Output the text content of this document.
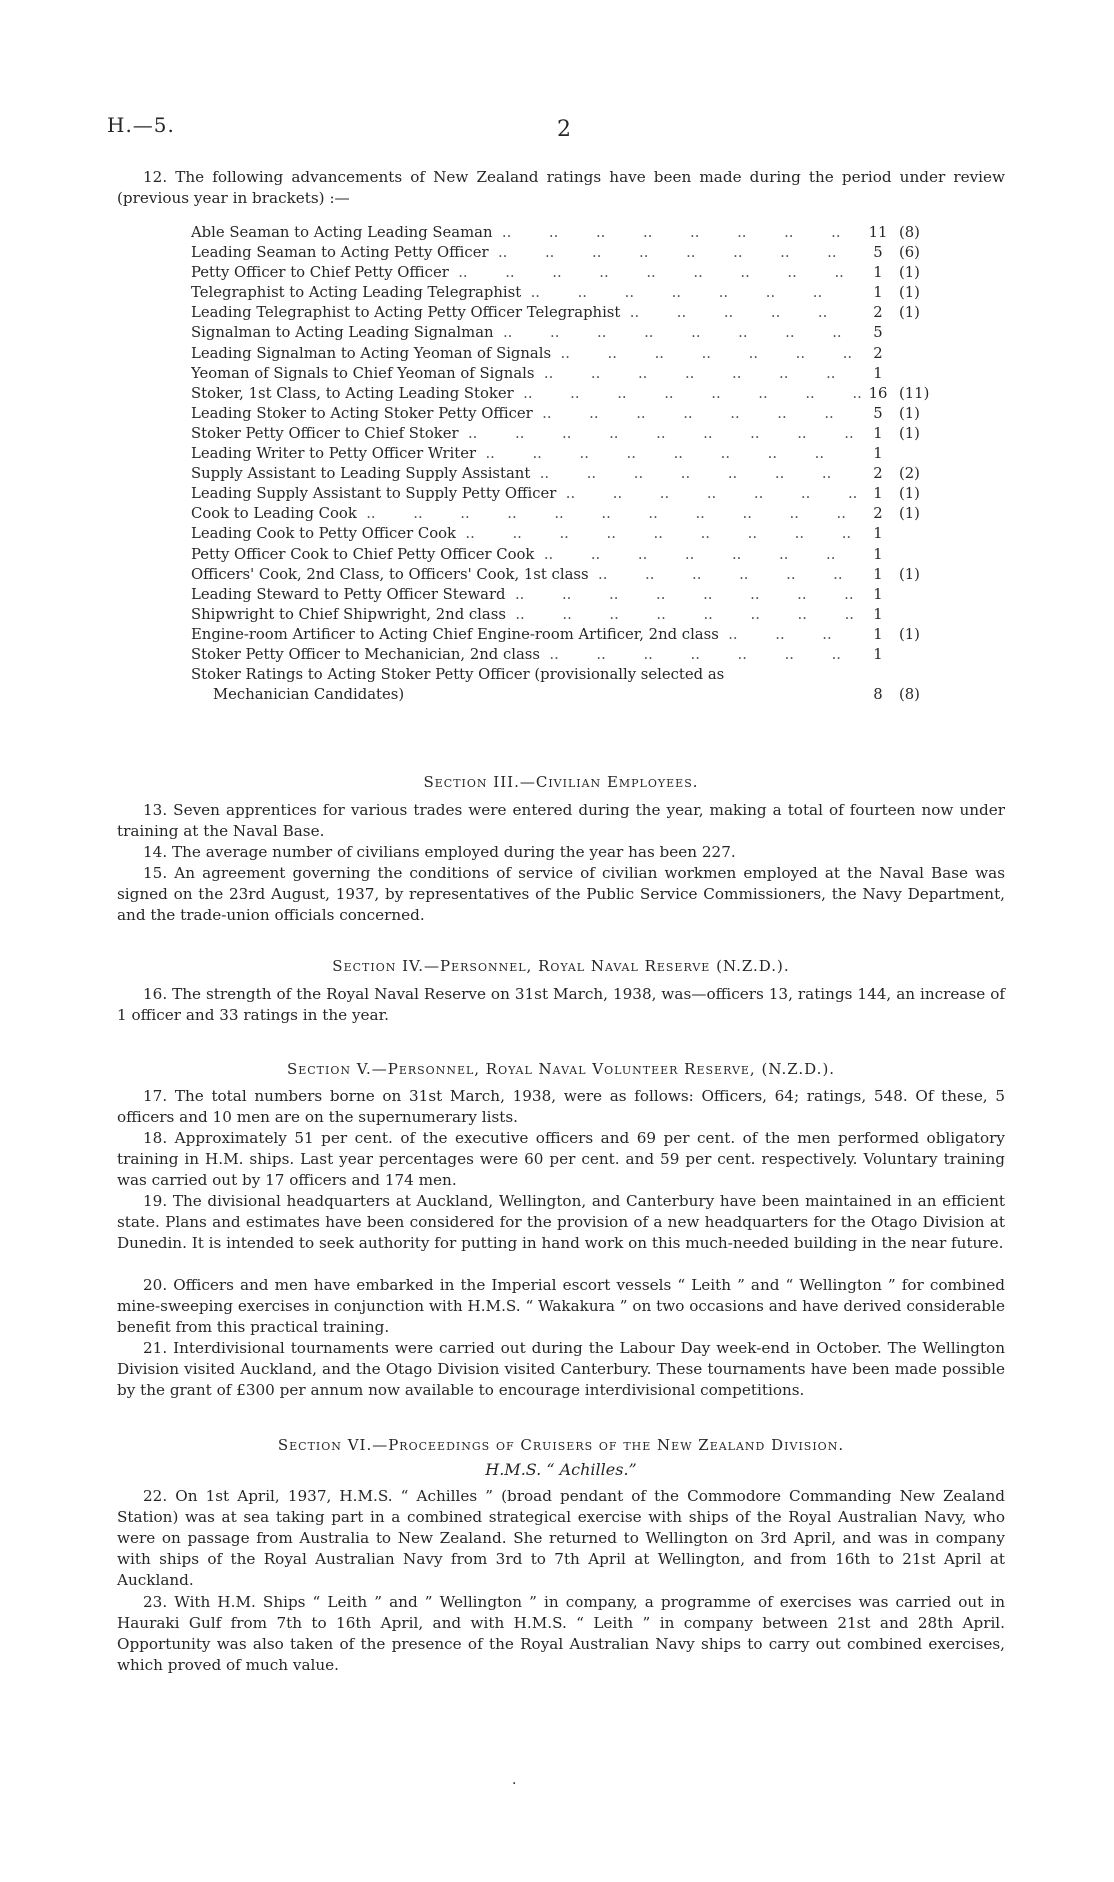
H.—5.	2

12. The following advancements of New Zealand ratings have been made during the period under review (previous year in brackets) :—

Able Seaman to Acting Leading Seaman ..	11 (8)
Leading Seaman to Acting Petty Officer ..	5	(6)
Petty Officer to Chief Petty Officer ..	1	(1)
Telegraphist to Acting Leading Telegraphist ..	1	(1)
Leading Telegraphist to Acting Petty Officer Telegraphist ..	2	(1)
Signalman to Acting Leading Signalman ..	5
Leading Signalman to Acting Yeoman of Signals ..	2
Yeoman of Signals to Chief Yeoman of Signals ..	1
Stoker, 1st Class, to Acting Leading Stoker ..	16 (11)
Leading Stoker to Acting Stoker Petty Officer ..	5	(1)
Stoker Petty Officer to Chief Stoker ..	1	(1)
Leading Writer to Petty Officer Writer ..	1
Supply Assistant to Leading Supply Assistant ..	2	(2)
Leading Supply Assistant to Supply Petty Officer ..	1	(1)
Cook to Leading Cook ..	2	(1)
Leading Cook to Petty Officer Cook ..	1
Petty Officer Cook to Chief Petty Officer Cook ..	1
Officers' Cook, 2nd Class, to Officers' Cook, 1st class ..	1	(1)
Leading Steward to Petty Officer Steward ..	1
Shipwright to Chief Shipwright, 2nd class ..	1
Engine-room Artificer to Acting Chief Engine-room Artificer, 2nd class ..	1	(1)
Stoker Petty Officer to Mechanician, 2nd class ..	1
Stoker Ratings to Acting Stoker Petty Officer (provisionally selected as
Mechanician Candidates)	8	(8)
Section III.—Civilian Employees.

13. Seven apprentices for various trades were entered during the year, making a total of fourteen now under training at the Naval Base.

14. The average number of civilians employed during the year has been 227.

15. An agreement governing the conditions of service of civilian workmen employed at the Naval Base was signed on the 23rd August, 1937, by representatives of the Public Service Commissioners, the Navy Department, and the trade-union officials concerned.

Section IV.—Personnel, Royal Naval Reserve (N.Z.D.).

16. The strength of the Royal Naval Reserve on 31st March, 1938, was—officers 13, ratings 144, an increase of 1 officer and 33 ratings in the year.

Section V.—Personnel, Royal Naval Volunteer Reserve, (N.Z.D.).

17. The total numbers borne on 31st March, 1938, were as follows: Officers, 64; ratings, 548. Of these, 5 officers and 10 men are on the supernumerary lists.

18. Approximately 51 per cent. of the executive officers and 69 per cent. of the men performed obligatory training in H.M. ships. Last year percentages were 60 per cent. and 59 per cent. respectively. Voluntary training was carried out by 17 officers and 174 men.

19. The divisional headquarters at Auckland, Wellington, and Canterbury have been maintained in an efficient state. Plans and estimates have been considered for the provision of a new headquarters for the Otago Division at Dunedin. It is intended to seek authority for putting in hand work on this much-needed building in the near future.

20. Officers and men have embarked in the Imperial escort vessels “ Leith ” and “ Wellington ” for combined mine-sweeping exercises in conjunction with H.M.S. “ Wakakura ” on two occasions and have derived considerable benefit from this practical training.

21. Interdivisional tournaments were carried out during the Labour Day week-end in October. The Wellington Division visited Auckland, and the Otago Division visited Canterbury. These tournaments have been made possible by the grant of £300 per annum now available to encourage interdivisional competitions.

Section VI.—Proceedings of Cruisers of the New Zealand Division.
H.M.S. “ Achilles.”

22. On 1st April, 1937, H.M.S. “ Achilles ” (broad pendant of the Commodore Commanding New Zealand Station) was at sea taking part in a combined strategical exercise with ships of the Royal Australian Navy, who were on passage from Australia to New Zealand. She returned to Wellington on 3rd April, and was in company with ships of the Royal Australian Navy from 3rd to 7th April at Wellington, and from 16th to 21st April at Auckland.

23. With H.M. Ships “ Leith ” and ” Wellington ” in company, a programme of exercises was carried out in Hauraki Gulf from 7th to 16th April, and with H.M.S. “ Leith ” in company between 21st and 28th April. Opportunity was also taken of the presence of the Royal Australian Navy ships to carry out combined exercises, which proved of much value.

.
